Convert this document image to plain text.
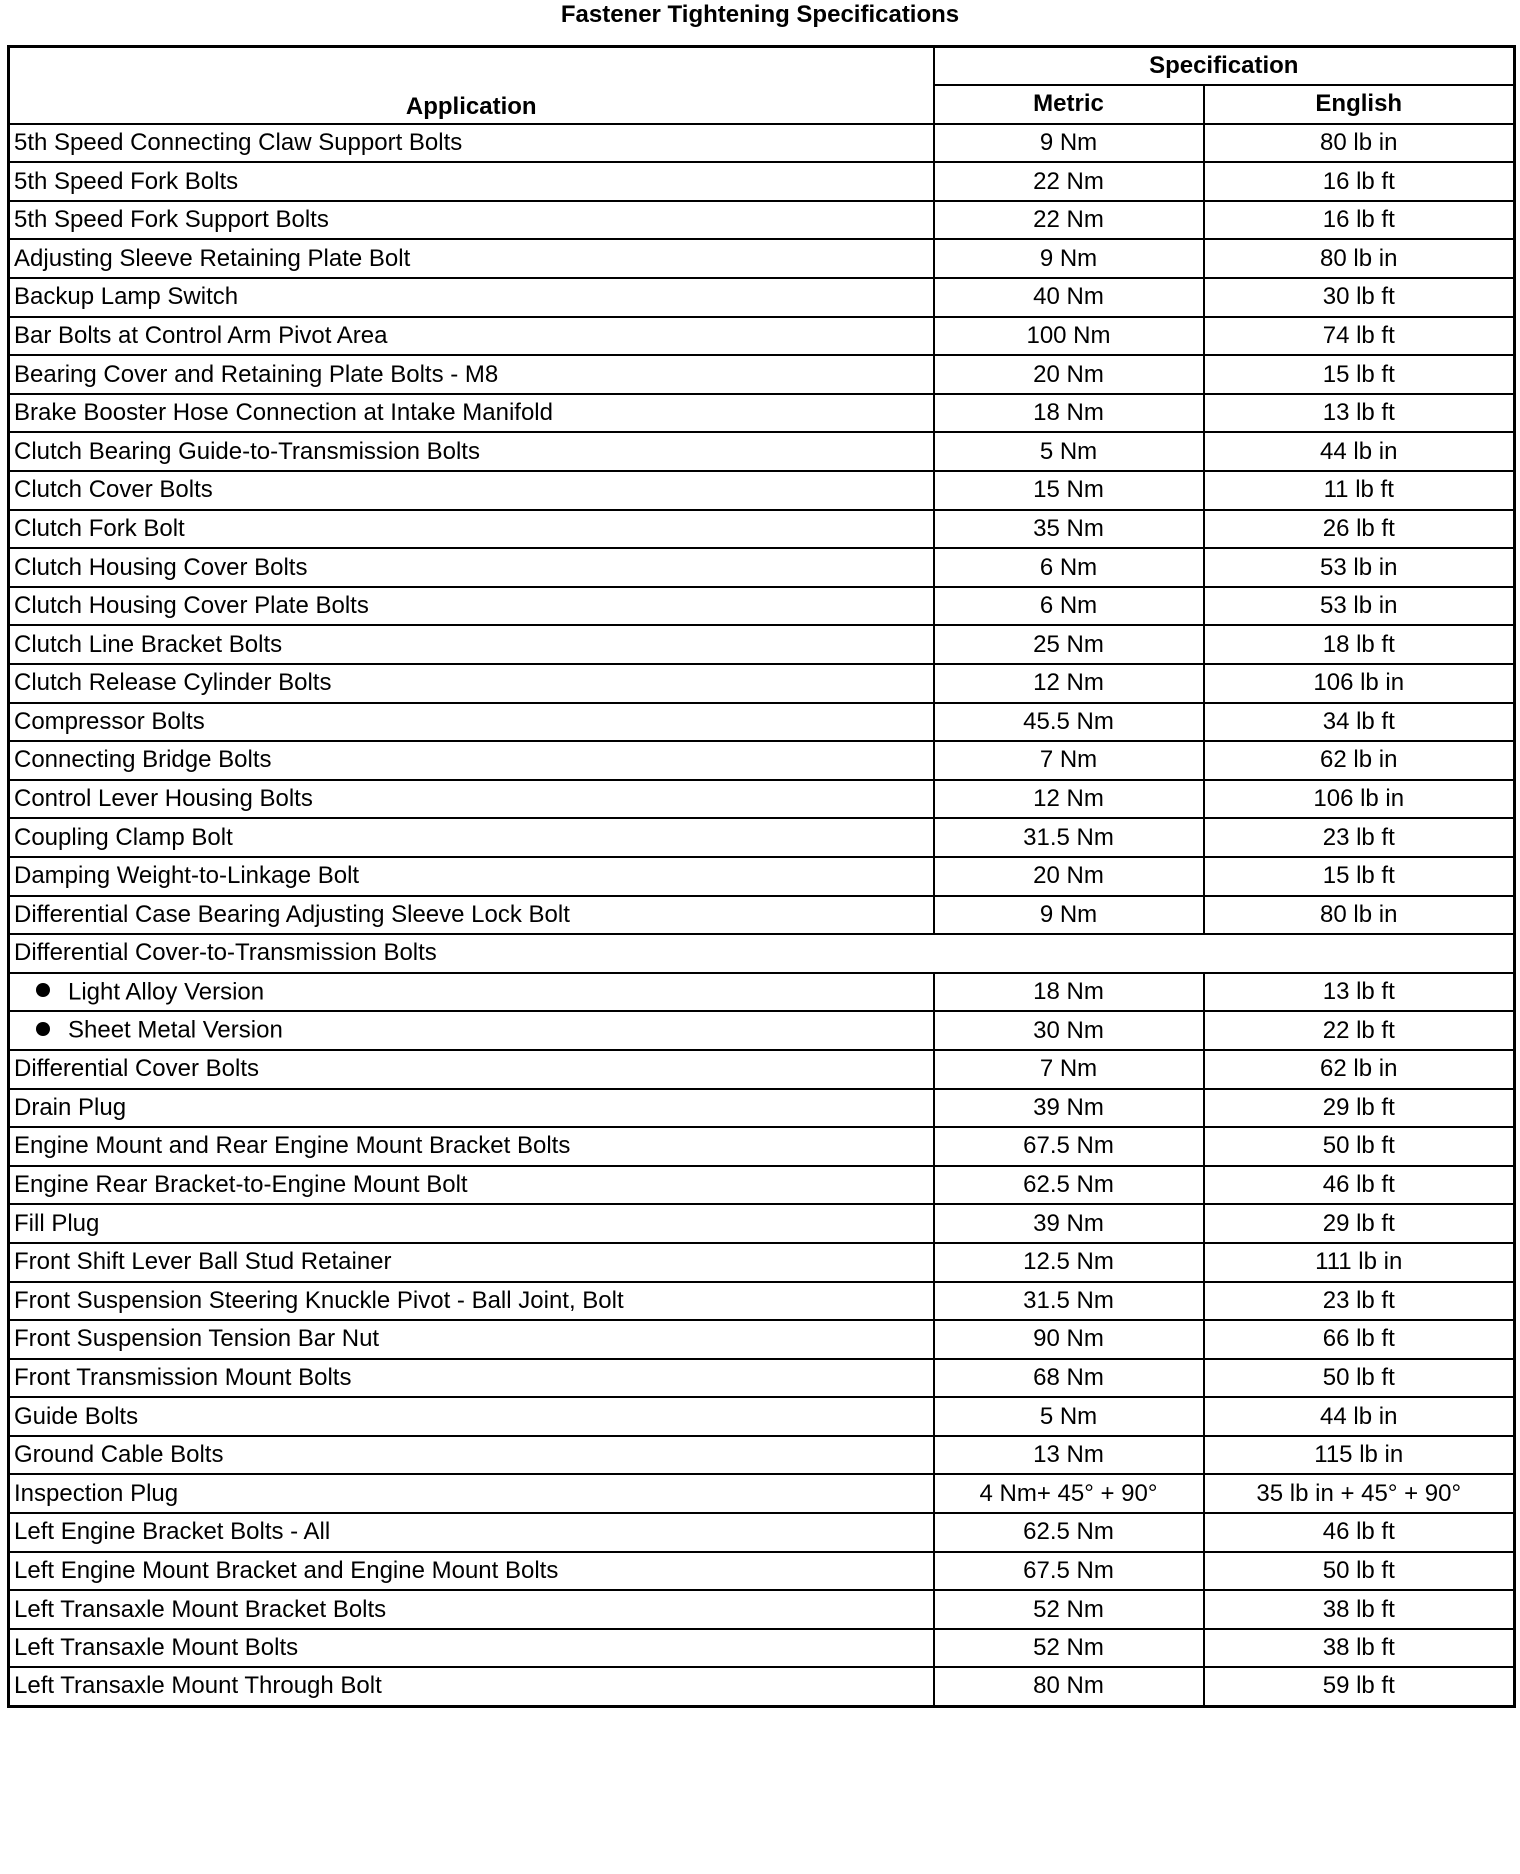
Fastener Tightening Specifications
Application	Specification	
	Metric	English
5th Speed Connecting Claw Support Bolts	9 Nm	80 lb in
5th Speed Fork Bolts	22 Nm	16 lb ft
5th Speed Fork Support Bolts	22 Nm	16 lb ft
Adjusting Sleeve Retaining Plate Bolt	9 Nm	80 lb in
Backup Lamp Switch	40 Nm	30 lb ft
Bar Bolts at Control Arm Pivot Area	100 Nm	74 lb ft
Bearing Cover and Retaining Plate Bolts - M8	20 Nm	15 lb ft
Brake Booster Hose Connection at Intake Manifold	18 Nm	13 lb ft
Clutch Bearing Guide-to-Transmission Bolts	5 Nm	44 lb in
Clutch Cover Bolts	15 Nm	11 lb ft
Clutch Fork Bolt	35 Nm	26 lb ft
Clutch Housing Cover Bolts	6 Nm	53 lb in
Clutch Housing Cover Plate Bolts	6 Nm	53 lb in
Clutch Line Bracket Bolts	25 Nm	18 lb ft
Clutch Release Cylinder Bolts	12 Nm	106 lb in
Compressor Bolts	45.5 Nm	34 lb ft
Connecting Bridge Bolts	7 Nm	62 lb in
Control Lever Housing Bolts	12 Nm	106 lb in
Coupling Clamp Bolt	31.5 Nm	23 lb ft
Damping Weight-to-Linkage Bolt	20 Nm	15 lb ft
Differential Case Bearing Adjusting Sleeve Lock Bolt	9 Nm	80 lb in
Differential Cover-to-Transmission Bolts		
Light Alloy Version	18 Nm	13 lb ft
Sheet Metal Version	30 Nm	22 lb ft
Differential Cover Bolts	7 Nm	62 lb in
Drain Plug	39 Nm	29 lb ft
Engine Mount and Rear Engine Mount Bracket Bolts	67.5 Nm	50 lb ft
Engine Rear Bracket-to-Engine Mount Bolt	62.5 Nm	46 lb ft
Fill Plug	39 Nm	29 lb ft
Front Shift Lever Ball Stud Retainer	12.5 Nm	111 lb in
Front Suspension Steering Knuckle Pivot - Ball Joint, Bolt	31.5 Nm	23 lb ft
Front Suspension Tension Bar Nut	90 Nm	66 lb ft
Front Transmission Mount Bolts	68 Nm	50 lb ft
Guide Bolts	5 Nm	44 lb in
Ground Cable Bolts	13 Nm	115 lb in
Inspection Plug	4 Nm+ 45° + 90°	35 lb in + 45° + 90°
Left Engine Bracket Bolts - All	62.5 Nm	46 lb ft
Left Engine Mount Bracket and Engine Mount Bolts	67.5 Nm	50 lb ft
Left Transaxle Mount Bracket Bolts	52 Nm	38 lb ft
Left Transaxle Mount Bolts	52 Nm	38 lb ft
Left Transaxle Mount Through Bolt	80 Nm	59 lb ft
